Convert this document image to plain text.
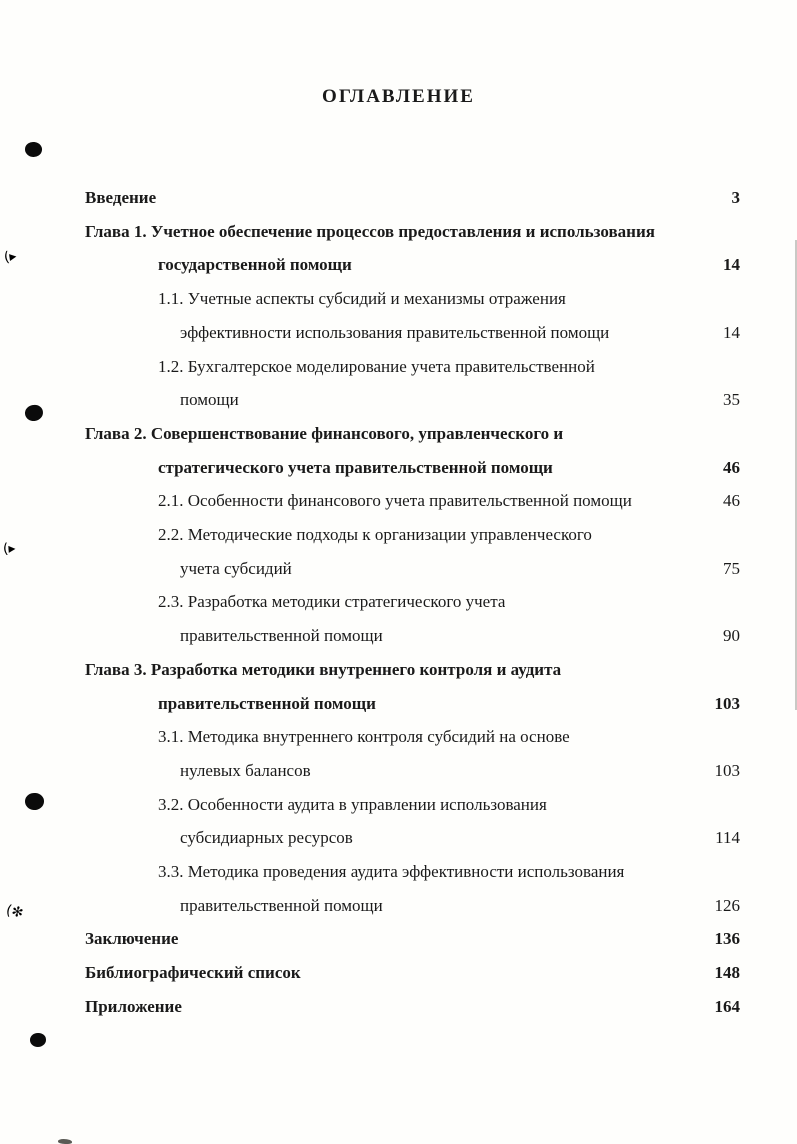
ОГЛАВЛЕНИЕ
Введение	3
Глава 1. Учетное обеспечение процессов предоставления и использования
государственной помощи	14
1.1. Учетные аспекты субсидий и механизмы отражения
эффективности использования правительственной помощи	14
1.2. Бухгалтерское моделирование учета правительственной
помощи	35
Глава 2. Совершенствование финансового, управленческого и
стратегического учета правительственной помощи	46
2.1. Особенности финансового учета правительственной помощи	46
2.2. Методические подходы к организации управленческого
учета субсидий	75
2.3. Разработка методики стратегического учета
правительственной помощи	90
Глава 3. Разработка методики внутреннего контроля и аудита
правительственной помощи	103
3.1. Методика внутреннего контроля субсидий на основе
нулевых балансов	103
3.2. Особенности аудита в управлении использования
субсидиарных ресурсов	114
3.3. Методика проведения аудита эффективности использования
правительственной помощи	126
Заключение	136
Библиографический список	148
Приложение	164
(▸
(▸
(✻
